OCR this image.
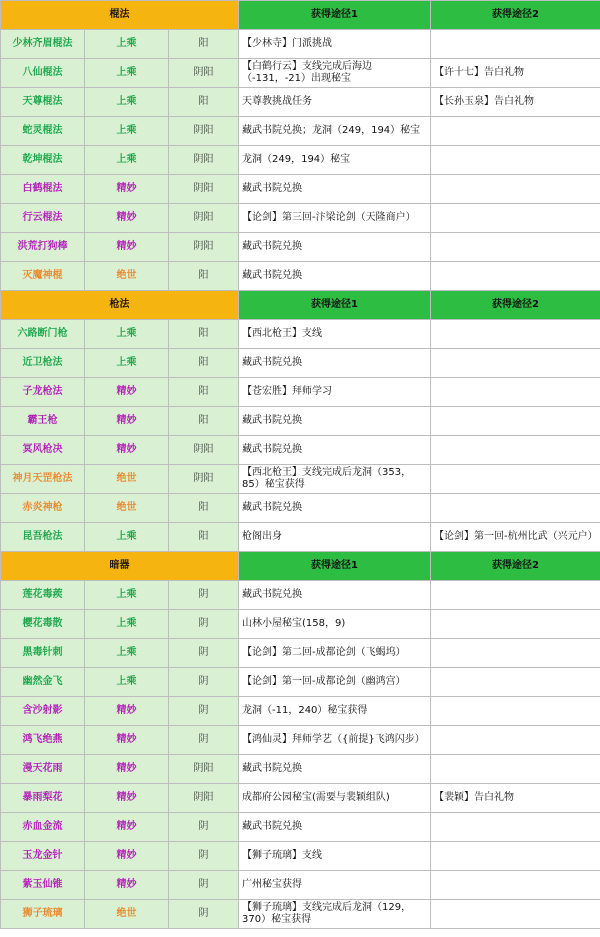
棍法			获得途径1	获得途径2
少林齐眉棍法	上乘	阳	【少林寺】门派挑战	
八仙棍法	上乘	阴阳	【白鹤行云】支线完成后海边（-131，-21）出现秘宝	【许十七】告白礼物
天尊棍法	上乘	阳	天尊教挑战任务	【长孙玉泉】告白礼物
蛇灵棍法	上乘	阴阳	藏武书院兑换；龙洞（249，194）秘宝	
乾坤棍法	上乘	阴阳	龙洞（249，194）秘宝	
白鹤棍法	精妙	阴阳	藏武书院兑换	
行云棍法	精妙	阴阳	【论剑】第三回-汴梁论剑（天隆商户）	
洪荒打狗棒	精妙	阴阳	藏武书院兑换	
灭魔神棍	绝世	阳	藏武书院兑换	
枪法			获得途径1	获得途径2
六路断门枪	上乘	阳	【西北枪王】支线	
近卫枪法	上乘	阳	藏武书院兑换	
子龙枪法	精妙	阳	【苍宏胜】拜师学习	
霸王枪	精妙	阳	藏武书院兑换	
冥风枪决	精妙	阴阳	藏武书院兑换	
神月天罡枪法	绝世	阴阳	【西北枪王】支线完成后龙洞（353，85）秘宝获得	
赤炎神枪	绝世	阳	藏武书院兑换	
昆吾枪法	上乘	阳	枪阁出身	【论剑】第一回-杭州比武（兴元户）
暗器			获得途径1	获得途径2
莲花毒蒺	上乘	阴	藏武书院兑换	
樱花毒散	上乘	阴	山林小屋秘宝(158，9)	
黑毒针刺	上乘	阴	【论剑】第二回-成都论剑（飞蝎坞）	
幽然金飞	上乘	阴	【论剑】第一回-成都论剑（幽鸿宫）	
含沙射影	精妙	阴	龙洞（-11，240）秘宝获得	
鸿飞绝燕	精妙	阴	【鸿仙灵】拜师学艺（{前提}飞鸿闪步）	
漫天花雨	精妙	阴阳	藏武书院兑换	
暴雨梨花	精妙	阴阳	成都府公园秘宝(需要与裴颖组队)	【裴颖】告白礼物
赤血金流	精妙	阴	藏武书院兑换	
玉龙金针	精妙	阴	【狮子琉璃】支线	
紫玉仙锥	精妙	阴	广州秘宝获得	
狮子琉璃	绝世	阴	【狮子琉璃】支线完成后龙洞（129，370）秘宝获得	
